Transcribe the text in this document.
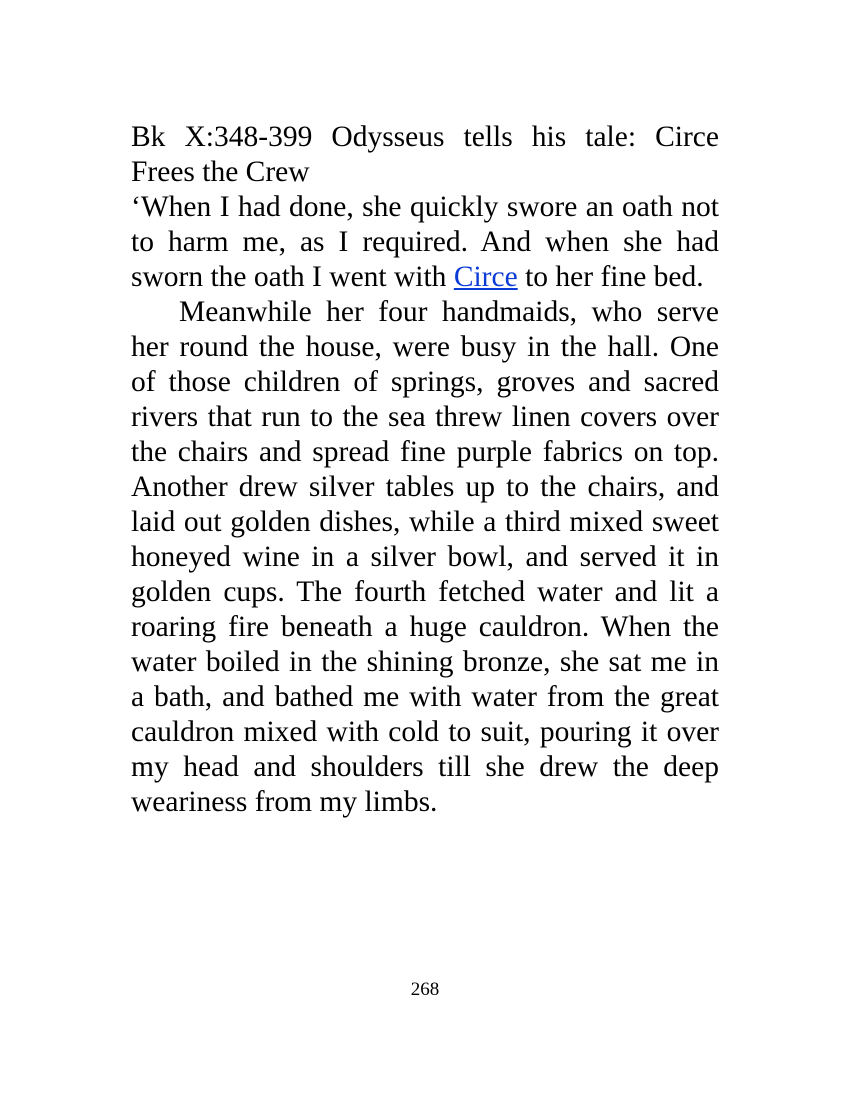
Bk X:348-399 Odysseus tells his tale: Circe Frees the Crew

‘When I had done, she quickly swore an oath not to harm me, as I required. And when she had sworn the oath I went with Circe to her fine bed.

Meanwhile her four handmaids, who serve her round the house, were busy in the hall. One of those children of springs, groves and sacred rivers that run to the sea threw linen covers over the chairs and spread fine purple fabrics on top. Another drew silver tables up to the chairs, and laid out golden dishes, while a third mixed sweet honeyed wine in a silver bowl, and served it in golden cups. The fourth fetched water and lit a roaring fire beneath a huge cauldron. When the water boiled in the shining bronze, she sat me in a bath, and bathed me with water from the great cauldron mixed with cold to suit, pouring it over my head and shoulders till she drew the deep weariness from my limbs.

268
